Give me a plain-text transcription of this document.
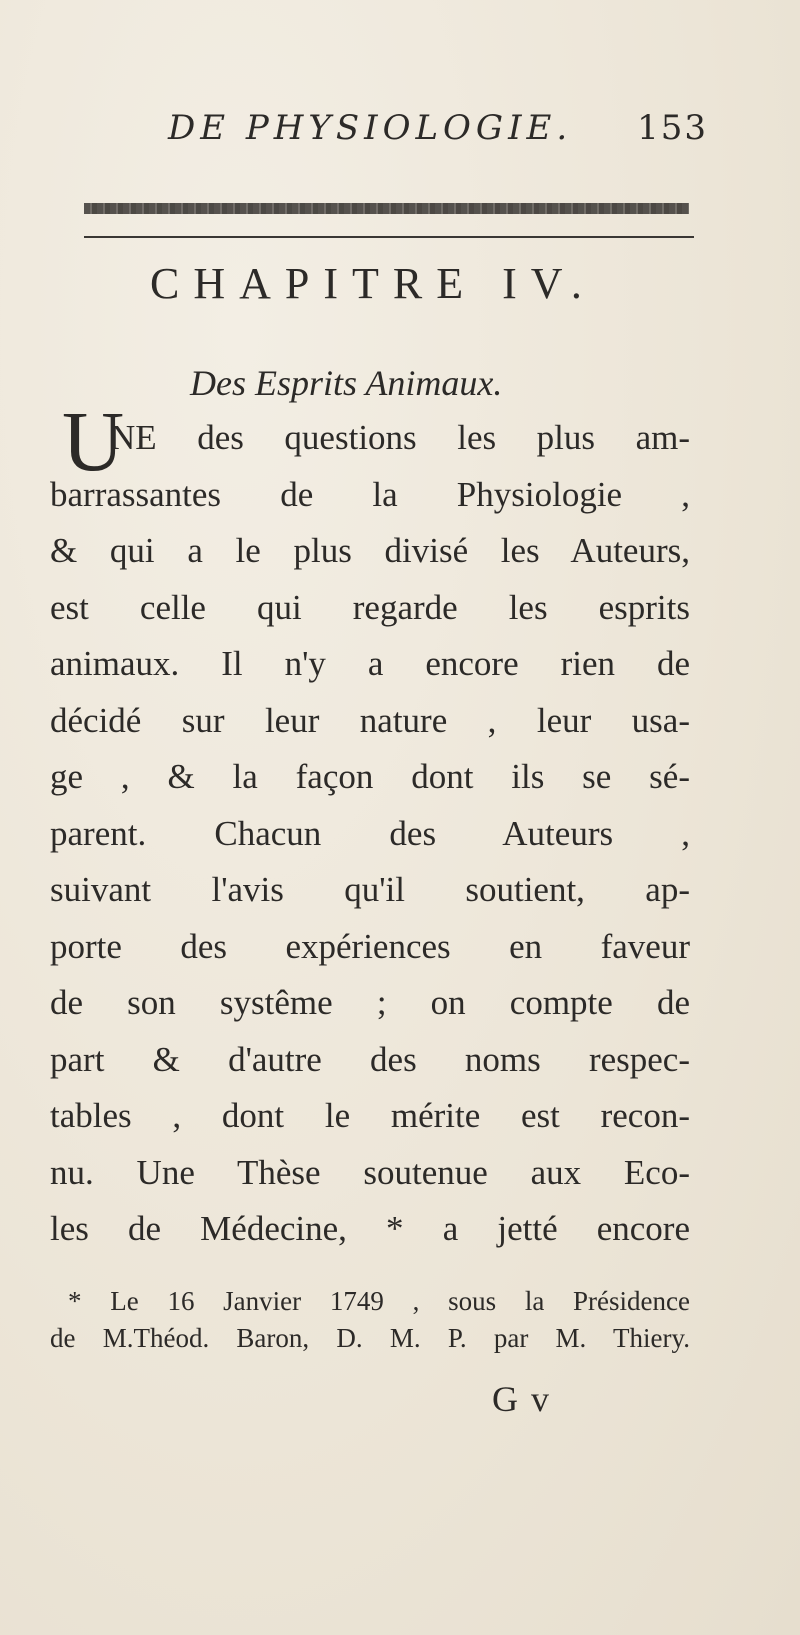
DE PHYSIOLOGIE. 153
CHAPITRE IV.
Des Esprits Animaux.
U
NE des questions les plus am-
barrassantes de la Physiologie ,
& qui a le plus divisé les Auteurs,
est celle qui regarde les esprits
animaux. Il n'y a encore rien de
décidé sur leur nature , leur usa-
ge , & la façon dont ils se sé-
parent. Chacun des Auteurs ,
suivant l'avis qu'il soutient, ap-
porte des expériences en faveur
de son systême ; on compte de
part & d'autre des noms respec-
tables , dont le mérite est recon-
nu. Une Thèse soutenue aux Eco-
les de Médecine, * a jetté encore
* Le 16 Janvier 1749 , sous la Présidence
de M.Théod. Baron, D. M. P. par M. Thiery.
G v
